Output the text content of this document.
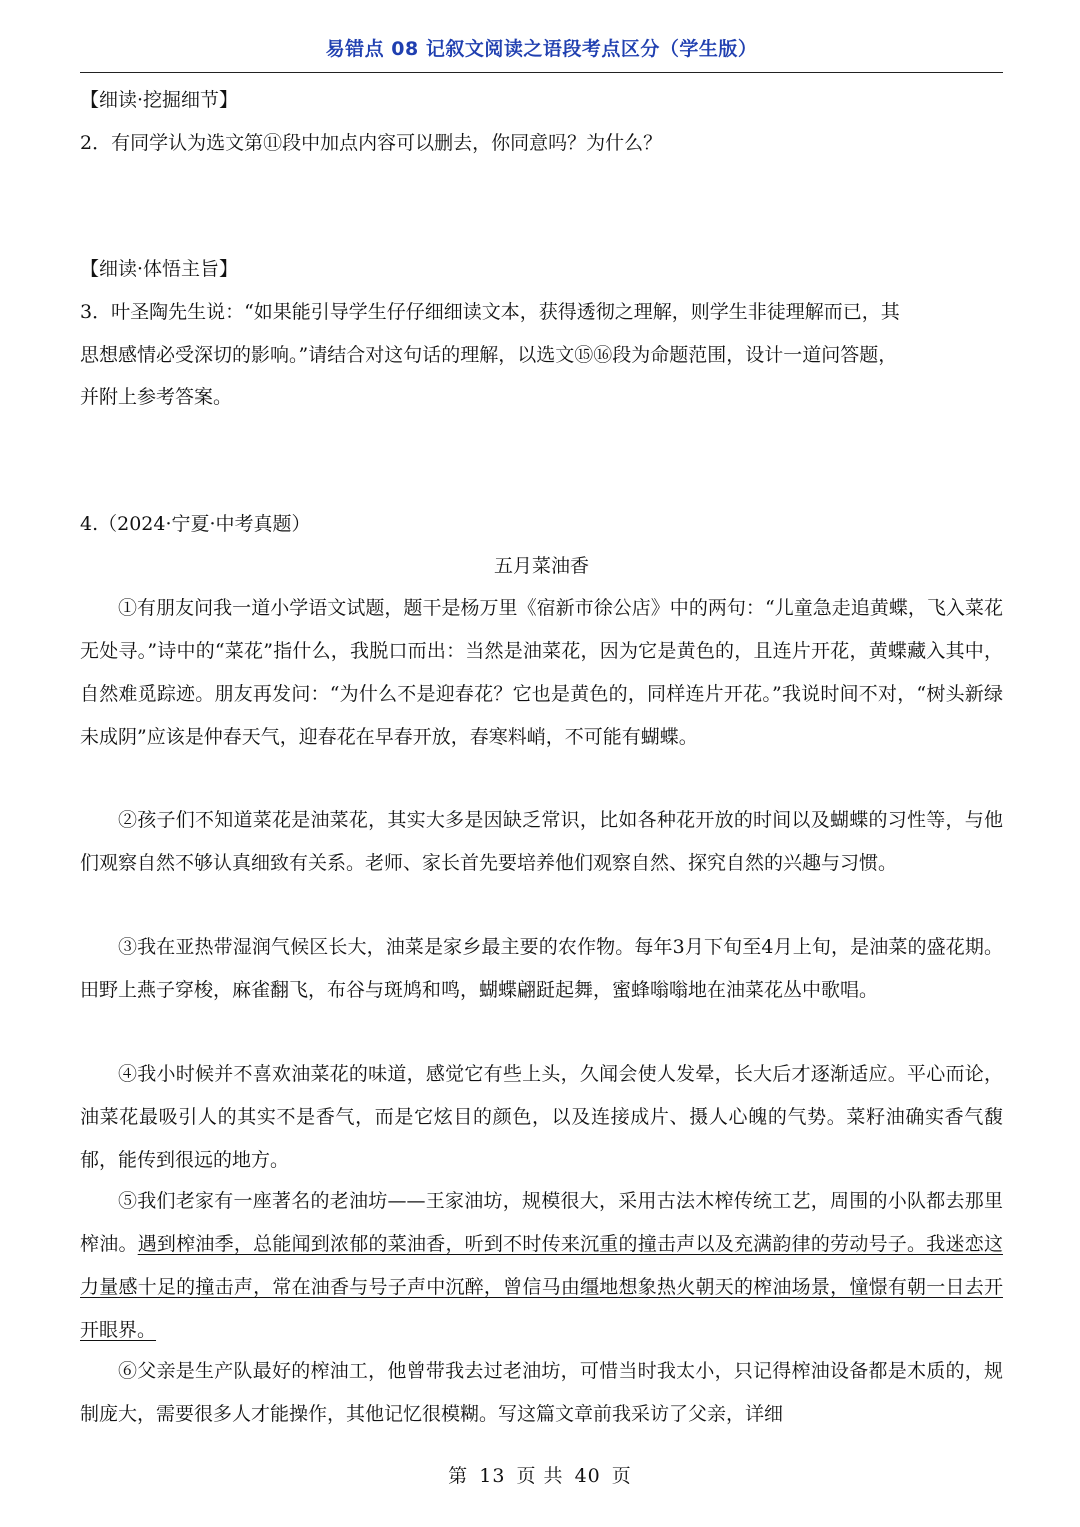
易错点 08 记叙文阅读之语段考点区分（学生版）
【细读·挖掘细节】
2．有同学认为选文第⑪段中加点内容可以删去，你同意吗？为什么？
【细读·体悟主旨】
3．叶圣陶先生说：“如果能引导学生仔仔细细读文本，获得透彻之理解，则学生非徒理解而已，其
思想感情必受深切的影响。”请结合对这句话的理解，以选文⑮⑯段为命题范围，设计一道问答题，
并附上参考答案。
4.（2024·宁夏·中考真题）
五月菜油香
①有朋友问我一道小学语文试题，题干是杨万里《宿新市徐公店》中的两句：“儿童急走追黄蝶，飞入菜花无处寻。”诗中的“菜花”指什么，我脱口而出：当然是油菜花，因为它是黄色的，且连片开花，黄蝶藏入其中，自然难觅踪迹。朋友再发问：“为什么不是迎春花？它也是黄色的，同样连片开花。”我说时间不对，“树头新绿未成阴”应该是仲春天气，迎春花在早春开放，春寒料峭，不可能有蝴蝶。
②孩子们不知道菜花是油菜花，其实大多是因缺乏常识，比如各种花开放的时间以及蝴蝶的习性等，与他们观察自然不够认真细致有关系。老师、家长首先要培养他们观察自然、探究自然的兴趣与习惯。
③我在亚热带湿润气候区长大，油菜是家乡最主要的农作物。每年3月下旬至4月上旬，是油菜的盛花期。田野上燕子穿梭，麻雀翻飞，布谷与斑鸠和鸣，蝴蝶翩跹起舞，蜜蜂嗡嗡地在油菜花丛中歌唱。
④我小时候并不喜欢油菜花的味道，感觉它有些上头，久闻会使人发晕，长大后才逐渐适应。平心而论，油菜花最吸引人的其实不是香气，而是它炫目的颜色，以及连接成片、摄人心魄的气势。菜籽油确实香气馥郁，能传到很远的地方。
⑤我们老家有一座著名的老油坊——王家油坊，规模很大，采用古法木榨传统工艺，周围的小队都去那里榨油。遇到榨油季，总能闻到浓郁的菜油香，听到不时传来沉重的撞击声以及充满韵律的劳动号子。我迷恋这力量感十足的撞击声，常在油香与号子声中沉醉，曾信马由缰地想象热火朝天的榨油场景，憧憬有朝一日去开开眼界。
⑥父亲是生产队最好的榨油工，他曾带我去过老油坊，可惜当时我太小，只记得榨油设备都是木质的，规制庞大，需要很多人才能操作，其他记忆很模糊。写这篇文章前我采访了父亲，详细
第 13 页 共 40 页
